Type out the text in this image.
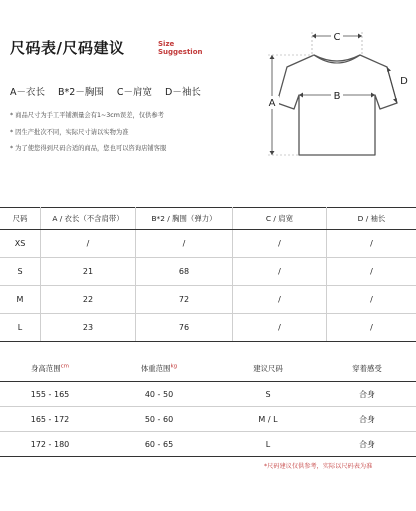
尺码表/尺码建议	Size
Suggestion
A－衣长 B*2－胸围 C－肩宽 D－袖长
* 商品尺寸为手工平铺测量会有1~3cm误差，仅供参考
* 因生产批次不同，实际尺寸请以实物为准
* 为了使您得到尺码合适的商品，您也可以咨询店铺客服
C
A
B
D
尺码	A / 衣长（不含肩带）	B*2 / 胸围（弹力）	C / 肩宽	D / 袖长
XS	/	/	/	/
S	21	68	/	/
M	22	72	/	/
L	23	76	/	/
身高范围$^{cm}$	体重范围$^{kg}$	建议尺码	穿着感受
155 - 165	40 - 50	S	合身
165 - 172	50 - 60	M / L	合身
172 - 180	60 - 65	L	合身
*尺码建议仅供参考，实际以尺码表为准
